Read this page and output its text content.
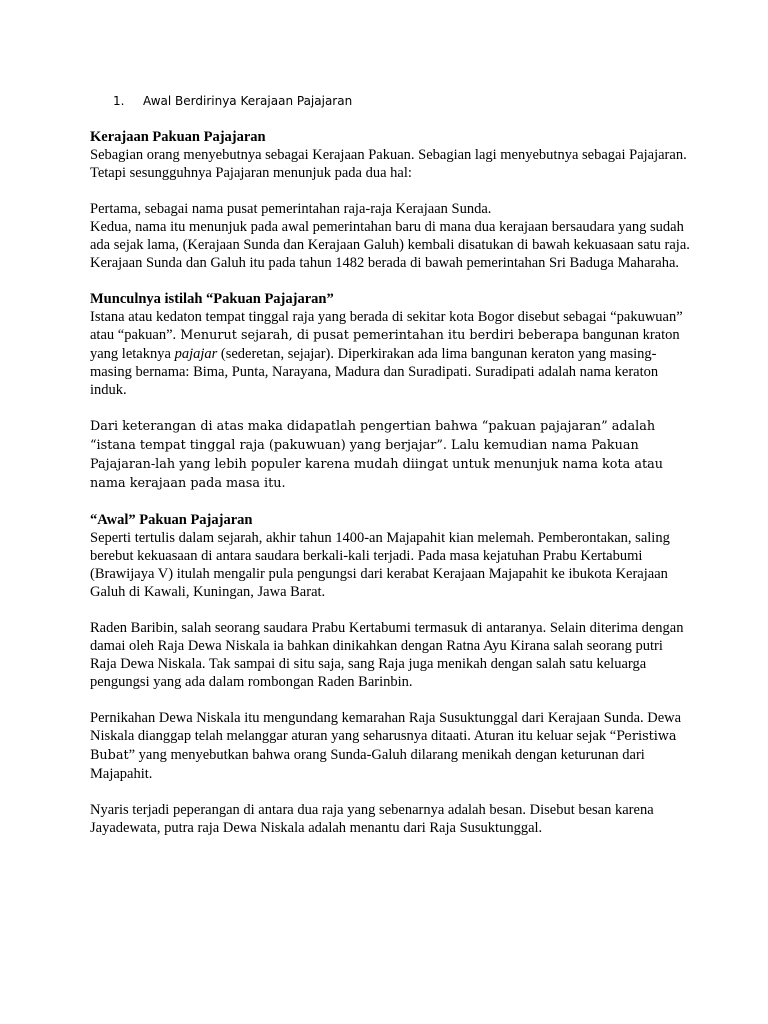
1. Awal Berdirinya Kerajaan Pajajaran
Kerajaan Pakuan Pajajaran

Sebagian orang menyebutnya sebagai Kerajaan Pakuan. Sebagian lagi menyebutnya sebagai Pajajaran. Tetapi sesungguhnya Pajajaran menunjuk pada dua hal:

Pertama, sebagai nama pusat pemerintahan raja-raja Kerajaan Sunda.

Kedua, nama itu menunjuk pada awal pemerintahan baru di mana dua kerajaan bersaudara yang sudah ada sejak lama, (Kerajaan Sunda dan Kerajaan Galuh) kembali disatukan di bawah kekuasaan satu raja.

Kerajaan Sunda dan Galuh itu pada tahun 1482 berada di bawah pemerintahan Sri Baduga Maharaha.

Munculnya istilah “Pakuan Pajajaran”

Istana atau kedaton tempat tinggal raja yang berada di sekitar kota Bogor disebut sebagai “pakuwuan” atau “pakuan”. Menurut sejarah, di pusat pemerintahan itu berdiri beberapa bangunan kraton yang letaknya pajajar (sederetan, sejajar). Diperkirakan ada lima bangunan keraton yang masing-masing bernama: Bima, Punta, Narayana, Madura dan Suradipati. Suradipati adalah nama keraton induk.

Dari keterangan di atas maka didapatlah pengertian bahwa “pakuan pajajaran” adalah “istana tempat tinggal raja (pakuwuan) yang berjajar”. Lalu kemudian nama Pakuan Pajajaran-lah yang lebih populer karena mudah diingat untuk menunjuk nama kota atau nama kerajaan pada masa itu.

“Awal” Pakuan Pajajaran

Seperti tertulis dalam sejarah, akhir tahun 1400-an Majapahit kian melemah. Pemberontakan, saling berebut kekuasaan di antara saudara berkali-kali terjadi. Pada masa kejatuhan Prabu Kertabumi (Brawijaya V) itulah mengalir pula pengungsi dari kerabat Kerajaan Majapahit ke ibukota Kerajaan Galuh di Kawali, Kuningan, Jawa Barat.

Raden Baribin, salah seorang saudara Prabu Kertabumi termasuk di antaranya. Selain diterima dengan damai oleh Raja Dewa Niskala ia bahkan dinikahkan dengan Ratna Ayu Kirana salah seorang putri Raja Dewa Niskala. Tak sampai di situ saja, sang Raja juga menikah dengan salah satu keluarga pengungsi yang ada dalam rombongan Raden Barinbin.

Pernikahan Dewa Niskala itu mengundang kemarahan Raja Susuktunggal dari Kerajaan Sunda. Dewa Niskala dianggap telah melanggar aturan yang seharusnya ditaati. Aturan itu keluar sejak “Peristiwa Bubat” yang menyebutkan bahwa orang Sunda-Galuh dilarang menikah dengan keturunan dari Majapahit.

Nyaris terjadi peperangan di antara dua raja yang sebenarnya adalah besan. Disebut besan karena Jayadewata, putra raja Dewa Niskala adalah menantu dari Raja Susuktunggal.
